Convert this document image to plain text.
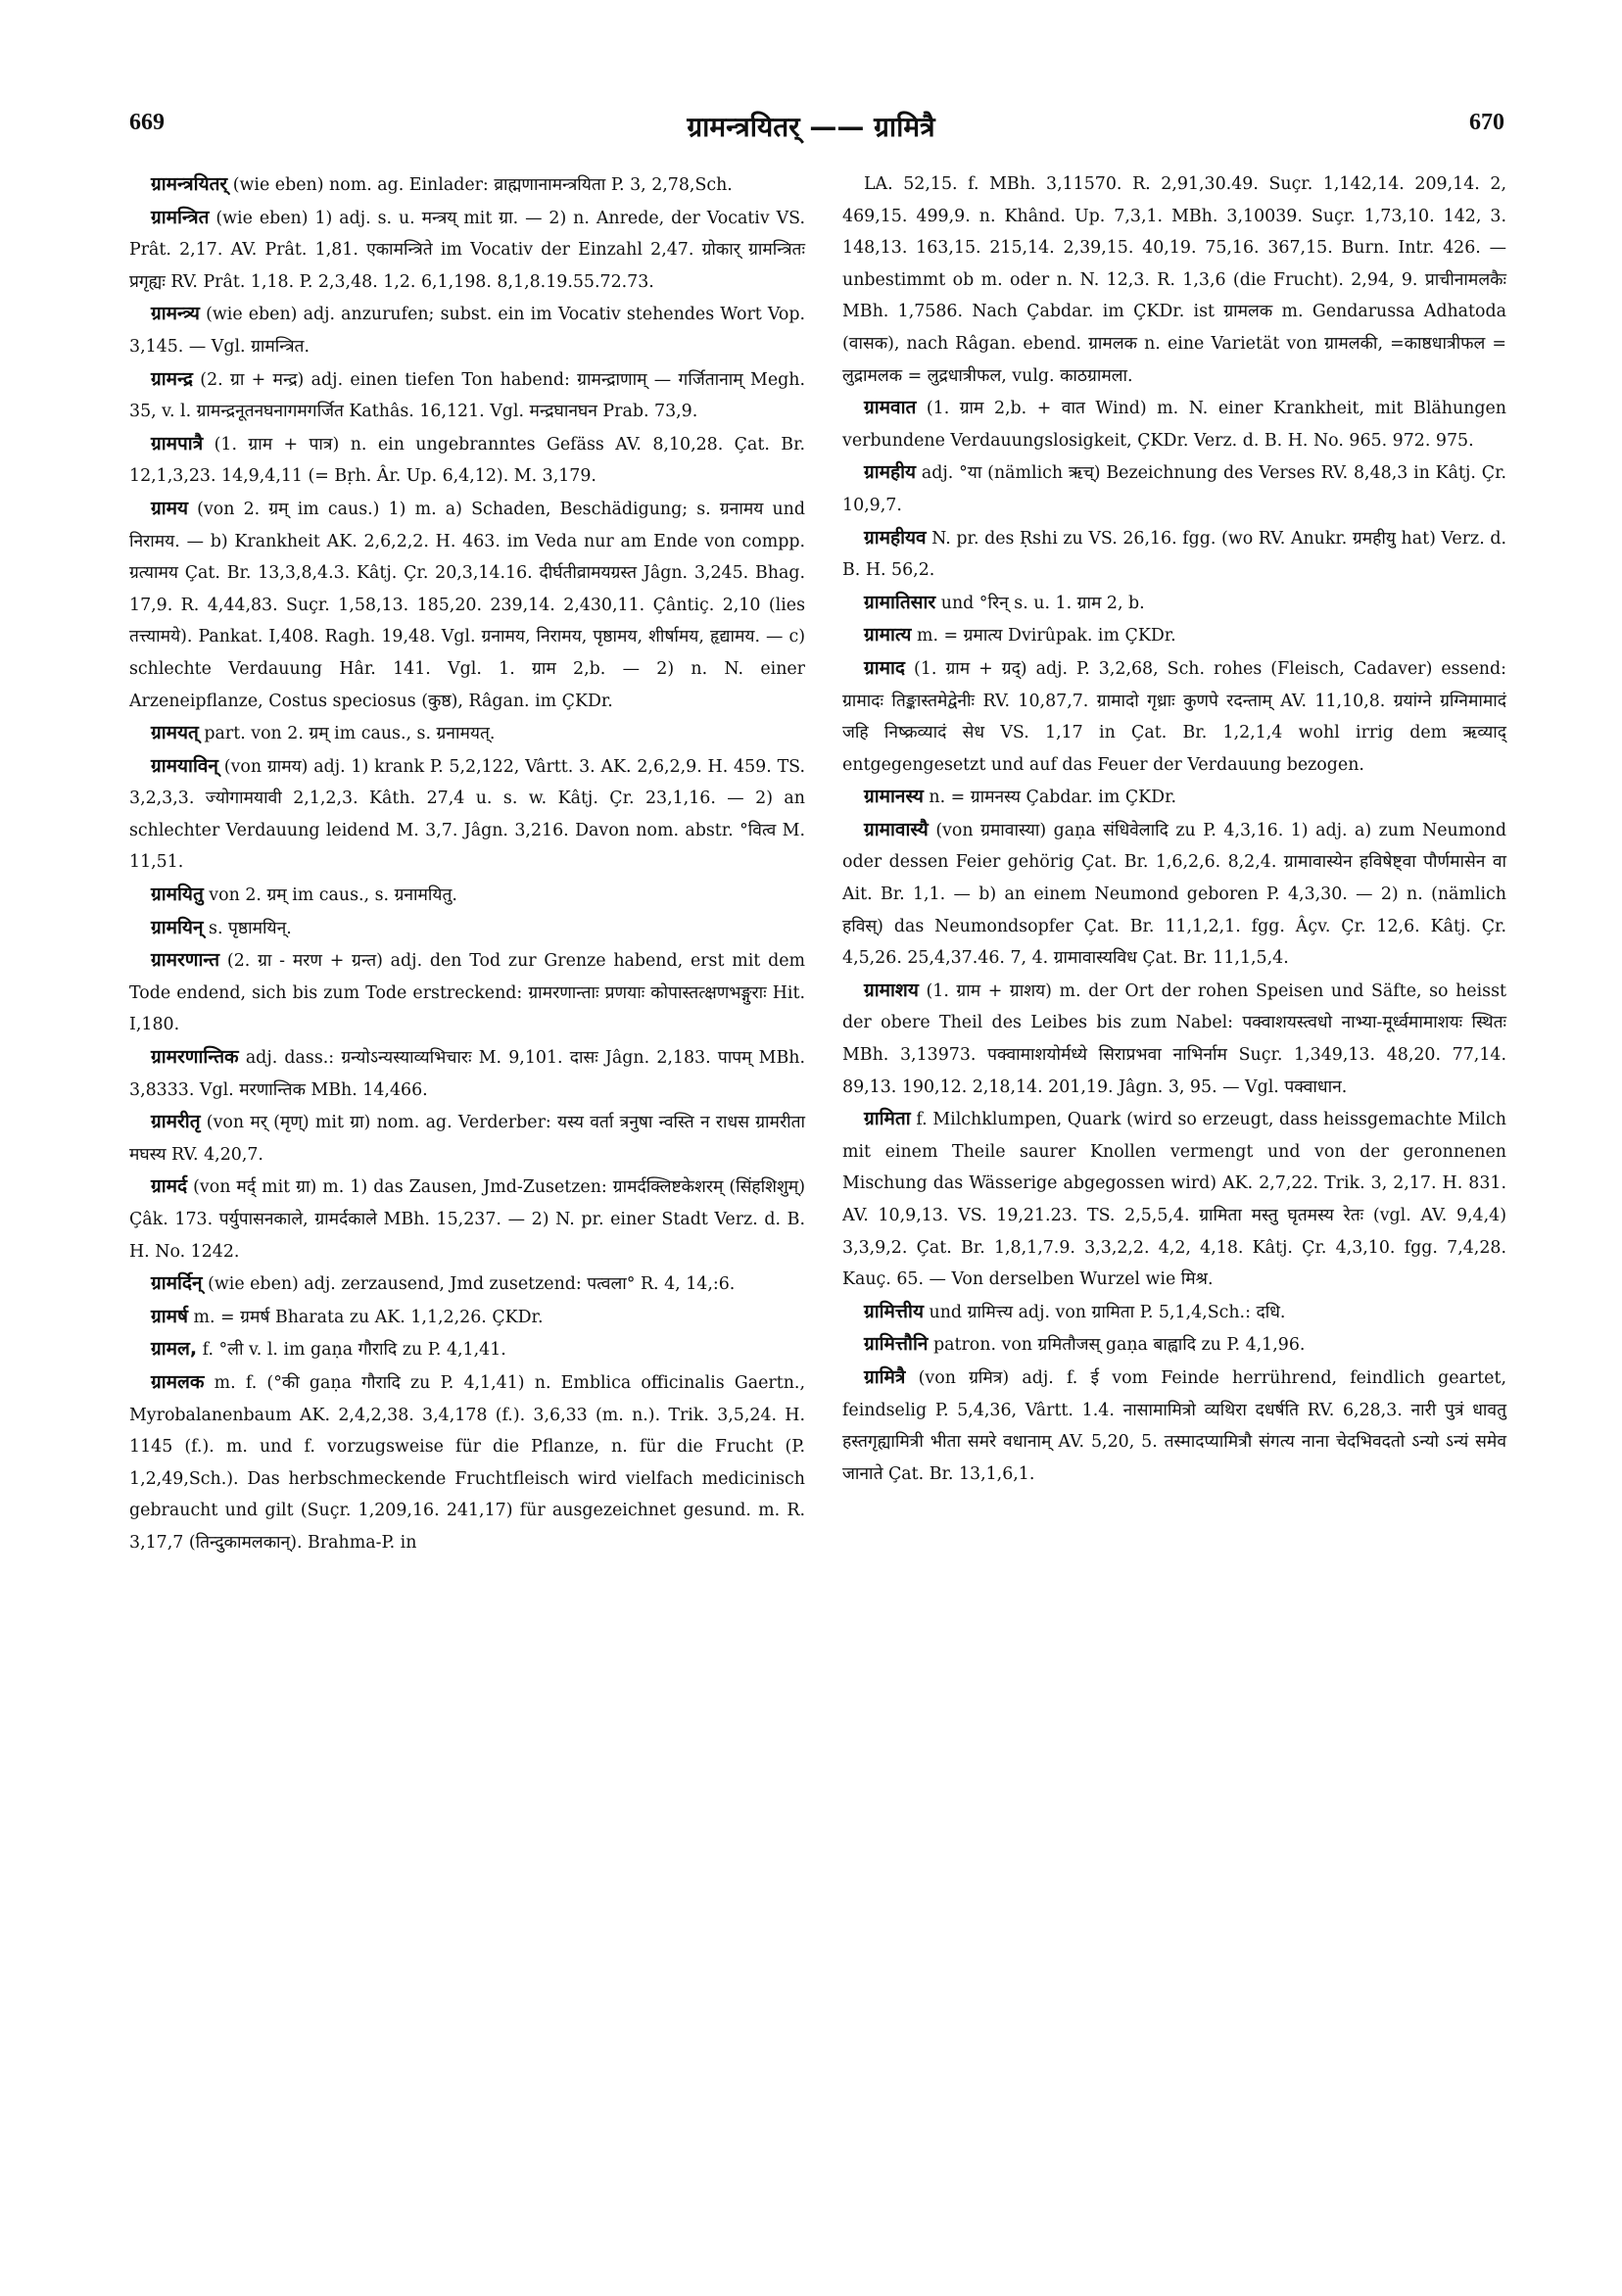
669	ग्रामन्त्रयितर् —— ग्रामित्रै	670

ग्रामन्त्रयितर् (wie eben) nom. ag. Einlader: व्राह्मणानामन्त्रयिता P. 3, 2,78,Sch.

ग्रामन्त्रित (wie eben) 1) adj. s. u. मन्त्रय् mit ग्रा. — 2) n. Anrede, der Vocativ VS. Prât. 2,17. AV. Prât. 1,81. एकामन्त्रिते im Vocativ der Einzahl 2,47. ग्रोकार् ग्रामन्त्रितः प्रगृह्यः RV. Prât. 1,18. P. 2,3,48. 1,2. 6,1,198. 8,1,8.19.55.72.73.

ग्रामन्त्र्य (wie eben) adj. anzurufen; subst. ein im Vocativ stehendes Wort Vop. 3,145. — Vgl. ग्रामन्त्रित.

ग्रामन्द्र (2. ग्रा + मन्द्र) adj. einen tiefen Ton habend: ग्रामन्द्राणाम् — गर्जितानाम् Megh. 35, v. l. ग्रामन्द्रनूतनघनागमगर्जित Kathâs. 16,121. Vgl. मन्द्रघानघन Prab. 73,9.

ग्रामपात्रै (1. ग्राम + पात्र) n. ein ungebranntes Gefäss AV. 8,10,28. Çat. Br. 12,1,3,23. 14,9,4,11 (= Bṛh. Âr. Up. 6,4,12). M. 3,179.

ग्रामय (von 2. ग्रम् im caus.) 1) m. a) Schaden, Beschädigung; s. ग्रनामय und निरामय. — b) Krankheit AK. 2,6,2,2. H. 463. im Veda nur am Ende von compp. ग्रत्यामय Çat. Br. 13,3,8,4.3. Kâtj. Çr. 20,3,14.16. दीर्घतीव्रामयग्रस्त Jâgn. 3,245. Bhag. 17,9. R. 4,44,83. Suçr. 1,58,13. 185,20. 239,14. 2,430,11. Çântiç. 2,10 (lies तत्त्यामये). Pankat. I,408. Ragh. 19,48. Vgl. ग्रनामय, निरामय, पृष्ठामय, शीर्षामय, हृद्यामय. — c) schlechte Verdauung Hâr. 141. Vgl. 1. ग्राम 2,b. — 2) n. N. einer Arzeneipflanze, Costus speciosus (कुष्ठ), Râgan. im ÇKDr.

ग्रामयत् part. von 2. ग्रम् im caus., s. ग्रनामयत्.

ग्रामयाविन् (von ग्रामय) adj. 1) krank P. 5,2,122, Vârtt. 3. AK. 2,6,2,9. H. 459. TS. 3,2,3,3. ज्योगामयावी 2,1,2,3. Kâth. 27,4 u. s. w. Kâtj. Çr. 23,1,16. — 2) an schlechter Verdauung leidend M. 3,7. Jâgn. 3,216. Davon nom. abstr. °वित्व M. 11,51.

ग्रामयितु von 2. ग्रम् im caus., s. ग्रनामयितु.

ग्रामयिन् s. पृष्ठामयिन्.

ग्रामरणान्त (2. ग्रा - मरण + ग्रन्त) adj. den Tod zur Grenze habend, erst mit dem Tode endend, sich bis zum Tode erstreckend: ग्रामरणान्ताः प्रणयाः कोपास्तत्क्षणभङ्गुराः Hit. I,180.

ग्रामरणान्तिक adj. dass.: ग्रन्योऽन्यस्याव्यभिचारः M. 9,101. दासः Jâgn. 2,183. पापम् MBh. 3,8333. Vgl. मरणान्तिक MBh. 14,466.

ग्रामरीतृ (von मर् (मृण्) mit ग्रा) nom. ag. Verderber: यस्य वर्ता त्रनुषा न्वस्ति न राधस ग्रामरीता मघस्य RV. 4,20,7.

ग्रामर्द (von मर्द् mit ग्रा) m. 1) das Zausen, Jmd-Zusetzen: ग्रामर्दक्लिष्टकेशरम् (सिंहशिशुम्) Çâk. 173. पर्युपासनकाले, ग्रामर्दकाले MBh. 15,237. — 2) N. pr. einer Stadt Verz. d. B. H. No. 1242.

ग्रामर्दिन् (wie eben) adj. zerzausend, Jmd zusetzend: पत्वला° R. 4, 14,:6.

ग्रामर्ष m. = ग्रमर्ष Bharata zu AK. 1,1,2,26. ÇKDr.

ग्रामल, f. °ली v. l. im gaṇa गौरादि zu P. 4,1,41.

ग्रामलक m. f. (°की gaṇa गौरादि zu P. 4,1,41) n. Emblica officinalis Gaertn., Myrobalanenbaum AK. 2,4,2,38. 3,4,178 (f.). 3,6,33 (m. n.). Trik. 3,5,24. H. 1145 (f.). m. und f. vorzugsweise für die Pflanze, n. für die Frucht (P. 1,2,49,Sch.). Das herbschmeckende Fruchtfleisch wird vielfach medicinisch gebraucht und gilt (Suçr. 1,209,16. 241,17) für ausgezeichnet gesund. m. R. 3,17,7 (तिन्दुकामलकान्). Brahma-P. in

LA. 52,15. f. MBh. 3,11570. R. 2,91,30.49. Suçr. 1,142,14. 209,14. 2, 469,15. 499,9. n. Khând. Up. 7,3,1. MBh. 3,10039. Suçr. 1,73,10. 142, 3. 148,13. 163,15. 215,14. 2,39,15. 40,19. 75,16. 367,15. Burn. Intr. 426. — unbestimmt ob m. oder n. N. 12,3. R. 1,3,6 (die Frucht). 2,94, 9. प्राचीनामलकैः MBh. 1,7586. Nach Çabdar. im ÇKDr. ist ग्रामलक m. Gendarussa Adhatoda (वासक), nach Râgan. ebend. ग्रामलक n. eine Varietät von ग्रामलकी, =काष्ठधात्रीफल = लुद्रामलक = लुद्रधात्रीफल, vulg. काठग्रामला.

ग्रामवात (1. ग्राम 2,b. + वात Wind) m. N. einer Krankheit, mit Blähungen verbundene Verdauungslosigkeit, ÇKDr. Verz. d. B. H. No. 965. 972. 975.

ग्रामहीय adj. °या (nämlich ऋच्) Bezeichnung des Verses RV. 8,48,3 in Kâtj. Çr. 10,9,7.

ग्रामहीयव N. pr. des Ṛshi zu VS. 26,16. fgg. (wo RV. Anukr. ग्रमहीयु hat) Verz. d. B. H. 56,2.

ग्रामातिसार und °रिन् s. u. 1. ग्राम 2, b.

ग्रामात्य m. = ग्रमात्य Dvirûpak. im ÇKDr.

ग्रामाद (1. ग्राम + ग्रद्) adj. P. 3,2,68, Sch. rohes (Fleisch, Cadaver) essend: ग्रामादः तिङ्कास्तमेद्वेनीः RV. 10,87,7. ग्रामादो गृध्राः कुणपे रदन्ताम् AV. 11,10,8. ग्रयांग्ने ग्रग्निमामादं जहि निष्क्रव्यादं सेध VS. 1,17 in Çat. Br. 1,2,1,4 wohl irrig dem ऋव्याद् entgegengesetzt und auf das Feuer der Verdauung bezogen.

ग्रामानस्य n. = ग्रामनस्य Çabdar. im ÇKDr.

ग्रामावास्यै (von ग्रमावास्या) gaṇa संधिवेलादि zu P. 4,3,16. 1) adj. a) zum Neumond oder dessen Feier gehörig Çat. Br. 1,6,2,6. 8,2,4. ग्रामावास्येन हविषेष्ट्वा पौर्णमासेन वा Ait. Br. 1,1. — b) an einem Neumond geboren P. 4,3,30. — 2) n. (nämlich हविस्) das Neumondsopfer Çat. Br. 11,1,2,1. fgg. Âçv. Çr. 12,6. Kâtj. Çr. 4,5,26. 25,4,37.46. 7, 4. ग्रामावास्यविध Çat. Br. 11,1,5,4.

ग्रामाशय (1. ग्राम + ग्राशय) m. der Ort der rohen Speisen und Säfte, so heisst der obere Theil des Leibes bis zum Nabel: पक्वाशयस्त्वधो नाभ्या-मूर्ध्वमामाशयः स्थितः MBh. 3,13973. पक्वामाशयोर्मध्ये सिराप्रभवा नाभिर्नाम Suçr. 1,349,13. 48,20. 77,14. 89,13. 190,12. 2,18,14. 201,19. Jâgn. 3, 95. — Vgl. पक्वाधान.

ग्रामिता f. Milchklumpen, Quark (wird so erzeugt, dass heissgemachte Milch mit einem Theile saurer Knollen vermengt und von der geronnenen Mischung das Wässerige abgegossen wird) AK. 2,7,22. Trik. 3, 2,17. H. 831. AV. 10,9,13. VS. 19,21.23. TS. 2,5,5,4. ग्रामिता मस्तु घृतमस्य रेतः (vgl. AV. 9,4,4) 3,3,9,2. Çat. Br. 1,8,1,7.9. 3,3,2,2. 4,2, 4,18. Kâtj. Çr. 4,3,10. fgg. 7,4,28. Kauç. 65. — Von derselben Wurzel wie मिश्र.

ग्रामित्तीय und ग्रामित्त्य adj. von ग्रामिता P. 5,1,4,Sch.: दधि.

ग्रामित्तौनि patron. von ग्रमितौजस् gaṇa बाह्वादि zu P. 4,1,96.

ग्रामित्रै (von ग्रमित्र) adj. f. ई vom Feinde herrührend, feindlich geartet, feindselig P. 5,4,36, Vârtt. 1.4. नासामामित्रो व्यथिरा दधर्षति RV. 6,28,3. नारी पुत्रं धावतु हस्तगृह्यामित्री भीता समरे वधानाम् AV. 5,20, 5. तस्मादप्यामित्रौ संगत्य नाना चेदभिवदतो ऽन्यो ऽन्यं समेव जानाते Çat. Br. 13,1,6,1.
